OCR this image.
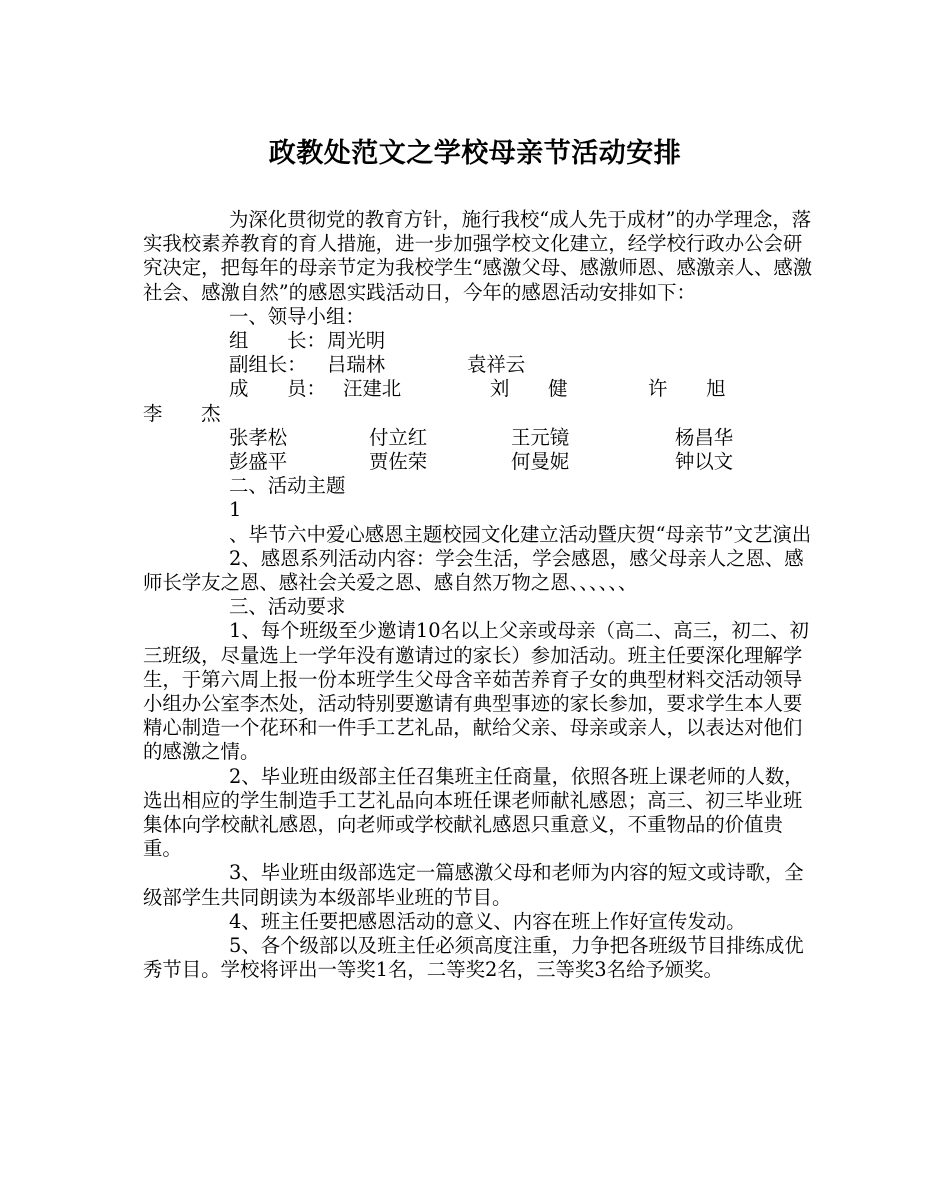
政教处范文之学校母亲节活动安排

为深化贯彻党的教育方针，施行我校“成人先于成材”的办学理念，落实我校素养教育的育人措施，进一步加强学校文化建立，经学校行政办公会研究决定，把每年的母亲节定为我校学生“感激父母、感激师恩、感激亲人、感激社会、感激自然”的感恩实践活动日，今年的感恩活动安排如下：

一、领导小组：

组　　长： 周光明
副组长： 吕瑞林	袁祥云
成　　员： 汪建北	刘　　健	许　　旭
李　　杰
张孝松	付立红	王元镜	杨昌华
彭盛平	贾佐荣	何曼妮	钟以文

二、活动主题

1

、毕节六中爱心感恩主题校园文化建立活动暨庆贺“母亲节”文艺演出

2、感恩系列活动内容：学会生活，学会感恩，感父母亲人之恩、感师长学友之恩、感社会关爱之恩、感自然万物之恩、、、、、、

三、活动要求

1、每个班级至少邀请10名以上父亲或母亲（高二、高三，初二、初三班级，尽量选上一学年没有邀请过的家长）参加活动。班主任要深化理解学生，于第六周上报一份本班学生父母含辛茹苦养育子女的典型材料交活动领导小组办公室李杰处，活动特别要邀请有典型事迹的家长参加，要求学生本人要精心制造一个花环和一件手工艺礼品，献给父亲、母亲或亲人，以表达对他们的感激之情。

2、毕业班由级部主任召集班主任商量，依照各班上课老师的人数，选出相应的学生制造手工艺礼品向本班任课老师献礼感恩；高三、初三毕业班集体向学校献礼感恩，向老师或学校献礼感恩只重意义，不重物品的价值贵重。

3、毕业班由级部选定一篇感激父母和老师为内容的短文或诗歌，全级部学生共同朗读为本级部毕业班的节目。

4、班主任要把感恩活动的意义、内容在班上作好宣传发动。

5、各个级部以及班主任必须高度注重，力争把各班级节目排练成优秀节目。学校将评出一等奖1名，二等奖2名，三等奖3名给予颁奖。
